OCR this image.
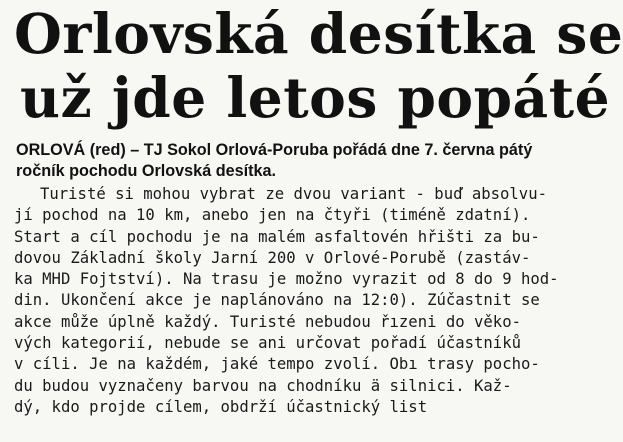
Orlovská desítka se
už jde letos popáté

ORLOVÁ (red) – TJ Sokol Orlová-Poruba pořádá dne 7. června pátý
ročník pochodu Orlovská desítka.

Turisté si mohou vybrat ze dvou variant - buď absolvu-
jí pochod na 10 km, anebo jen na čtyři (timéně zdatní).
Start a cíl pochodu je na malém asfaltovén hřišti za bu-
dovou Základní školy Jarní 200 v Orlové-Porubě (zastáv-
ka MHD Fojtství). Na trasu je možno vyrazit od 8 do 9 hod-
din. Ukončení akce je naplánováno na 12:0). Zúčastnit se
akce může úplně každý. Turisté nebudou řızeni do věko-
vých kategorií, nebude se ani určovat pořadí účastníků
v cíli. Je na každém, jaké tempo zvolí. Obı trasy pocho-
du budou vyznačeny barvou na chodníku ä silnici. Kaž-
dý, kdo projde cílem, obdrží účastnický list
